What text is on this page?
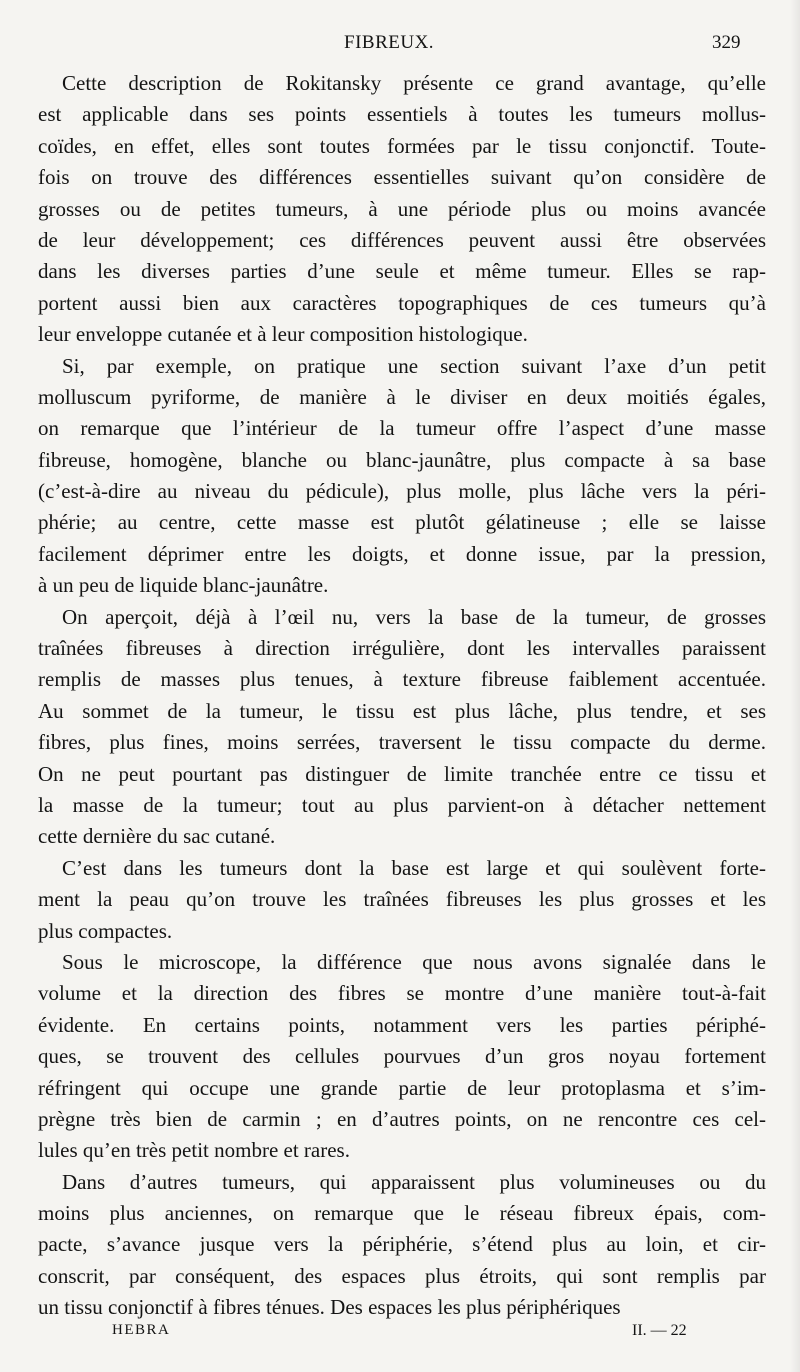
FIBREUX.	329
Cette description de Rokitansky présente ce grand avantage, qu’elle
est applicable dans ses points essentiels à toutes les tumeurs mollus-
coïdes, en effet, elles sont toutes formées par le tissu conjonctif. Toute-
fois on trouve des différences essentielles suivant qu’on considère de
grosses ou de petites tumeurs, à une période plus ou moins avancée
de leur développement; ces différences peuvent aussi être observées
dans les diverses parties d’une seule et même tumeur. Elles se rap-
portent aussi bien aux caractères topographiques de ces tumeurs qu’à
leur enveloppe cutanée et à leur composition histologique.
Si, par exemple, on pratique une section suivant l’axe d’un petit
molluscum pyriforme, de manière à le diviser en deux moitiés égales,
on remarque que l’intérieur de la tumeur offre l’aspect d’une masse
fibreuse, homogène, blanche ou blanc-jaunâtre, plus compacte à sa base
(c’est-à-dire au niveau du pédicule), plus molle, plus lâche vers la péri-
phérie; au centre, cette masse est plutôt gélatineuse ; elle se laisse
facilement déprimer entre les doigts, et donne issue, par la pression,
à un peu de liquide blanc-jaunâtre.
On aperçoit, déjà à l’œil nu, vers la base de la tumeur, de grosses
traînées fibreuses à direction irrégulière, dont les intervalles paraissent
remplis de masses plus tenues, à texture fibreuse faiblement accentuée.
Au sommet de la tumeur, le tissu est plus lâche, plus tendre, et ses
fibres, plus fines, moins serrées, traversent le tissu compacte du derme.
On ne peut pourtant pas distinguer de limite tranchée entre ce tissu et
la masse de la tumeur; tout au plus parvient-on à détacher nettement
cette dernière du sac cutané.
C’est dans les tumeurs dont la base est large et qui soulèvent forte-
ment la peau qu’on trouve les traînées fibreuses les plus grosses et les
plus compactes.
Sous le microscope, la différence que nous avons signalée dans le
volume et la direction des fibres se montre d’une manière tout-à-fait
évidente. En certains points, notamment vers les parties périphé-
ques, se trouvent des cellules pourvues d’un gros noyau fortement
réfringent qui occupe une grande partie de leur protoplasma et s’im-
prègne très bien de carmin ; en d’autres points, on ne rencontre ces cel-
lules qu’en très petit nombre et rares.
Dans d’autres tumeurs, qui apparaissent plus volumineuses ou du
moins plus anciennes, on remarque que le réseau fibreux épais, com-
pacte, s’avance jusque vers la périphérie, s’étend plus au loin, et cir-
conscrit, par conséquent, des espaces plus étroits, qui sont remplis par
un tissu conjonctif à fibres ténues. Des espaces les plus périphériques
HEBRA	II. — 22
